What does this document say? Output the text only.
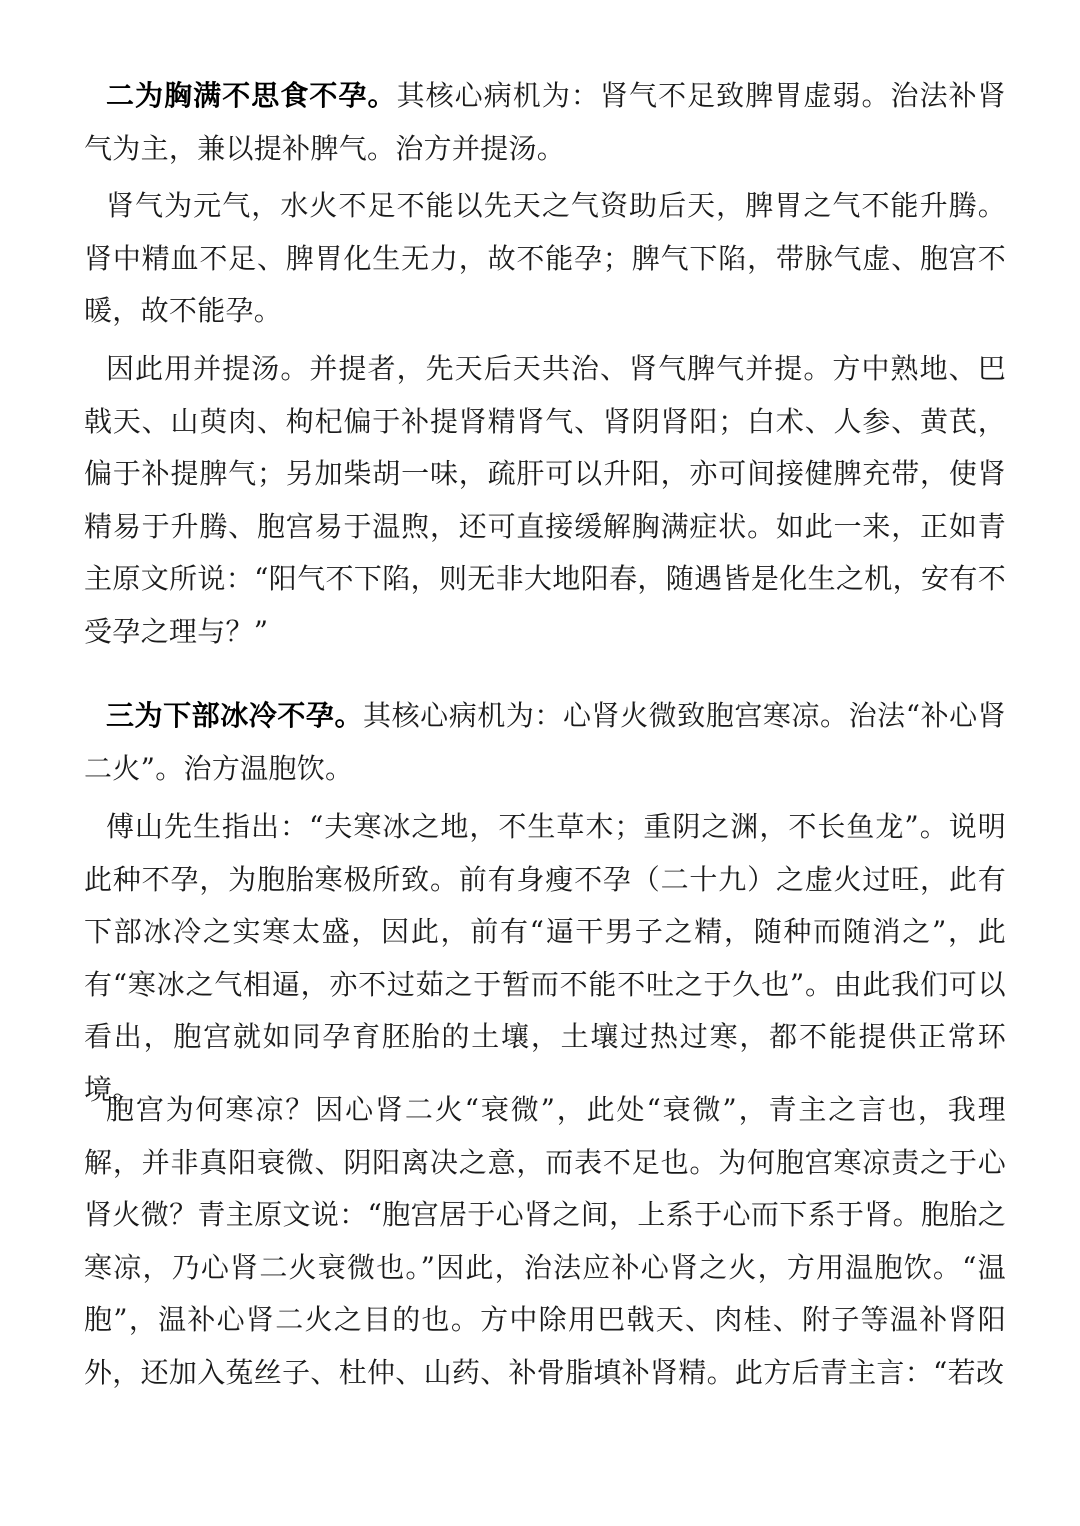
二为胸满不思食不孕。其核心病机为：肾气不足致脾胃虚弱。治法补肾气为主，兼以提补脾气。治方并提汤。

肾气为元气，水火不足不能以先天之气资助后天，脾胃之气不能升腾。肾中精血不足、脾胃化生无力，故不能孕；脾气下陷，带脉气虚、胞宫不暖，故不能孕。

因此用并提汤。并提者，先天后天共治、肾气脾气并提。方中熟地、巴戟天、山萸肉、枸杞偏于补提肾精肾气、肾阴肾阳；白术、人参、黄芪，偏于补提脾气；另加柴胡一味，疏肝可以升阳，亦可间接健脾充带，使肾精易于升腾、胞宫易于温煦，还可直接缓解胸满症状。如此一来，正如青主原文所说：“阳气不下陷，则无非大地阳春，随遇皆是化生之机，安有不受孕之理与？”

三为下部冰冷不孕。其核心病机为：心肾火微致胞宫寒凉。治法“补心肾二火”。治方温胞饮。

傅山先生指出：“夫寒冰之地，不生草木；重阴之渊，不长鱼龙”。说明此种不孕，为胞胎寒极所致。前有身瘦不孕（二十九）之虚火过旺，此有下部冰冷之实寒太盛，因此，前有“逼干男子之精，随种而随消之”，此有“寒冰之气相逼，亦不过茹之于暂而不能不吐之于久也”。由此我们可以看出，胞宫就如同孕育胚胎的土壤，土壤过热过寒，都不能提供正常环境。

胞宫为何寒凉？因心肾二火“衰微”，此处“衰微”，青主之言也，我理解，并非真阳衰微、阴阳离决之意，而表不足也。为何胞宫寒凉责之于心肾火微？青主原文说：“胞宫居于心肾之间，上系于心而下系于肾。胞胎之寒凉，乃心肾二火衰微也。”因此，治法应补心肾之火，方用温胞饮。“温胞”，温补心肾二火之目的也。方中除用巴戟天、肉桂、附子等温补肾阳外，还加入菟丝子、杜仲、山药、补骨脂填补肾精。此方后青主言：“若改
